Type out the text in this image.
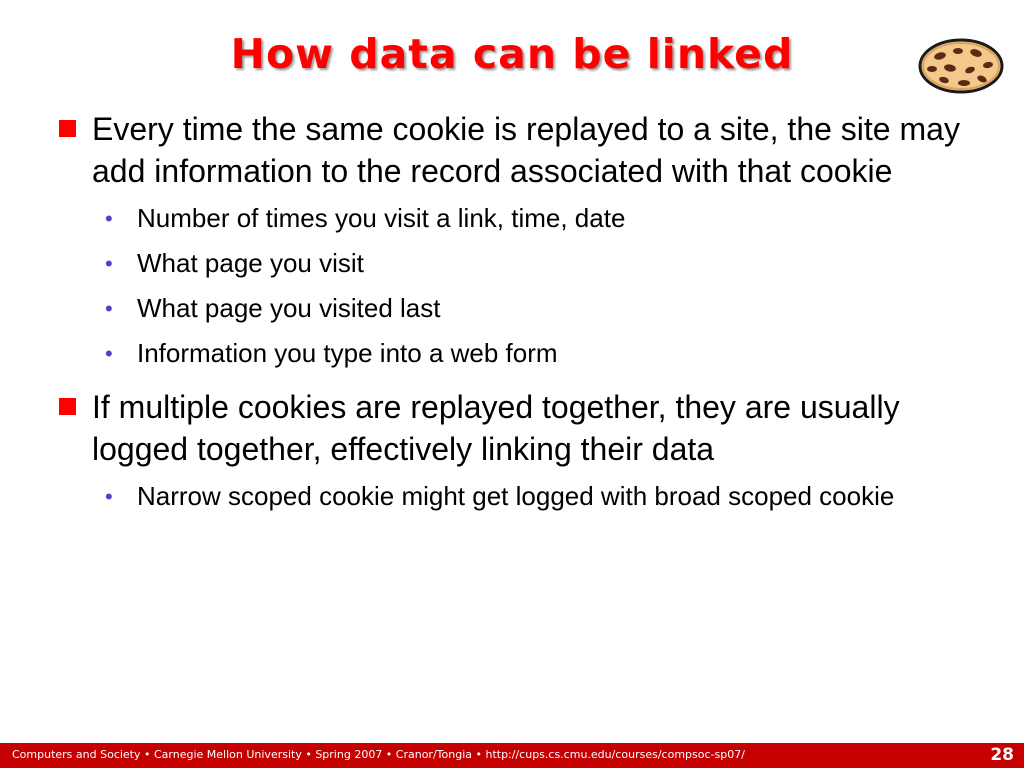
How data can be linked
Every time the same cookie is replayed to a site, the site may add information to the record associated with that cookie
• Number of times you visit a link, time, date
• What page you visit
• What page you visited last
• Information you type into a web form
If multiple cookies are replayed together, they are usually logged together, effectively linking their data
• Narrow scoped cookie might get logged with broad scoped cookie
Computers and Society • Carnegie Mellon University • Spring 2007 • Cranor/Tongia • http://cups.cs.cmu.edu/courses/compsoc-sp07/	28
